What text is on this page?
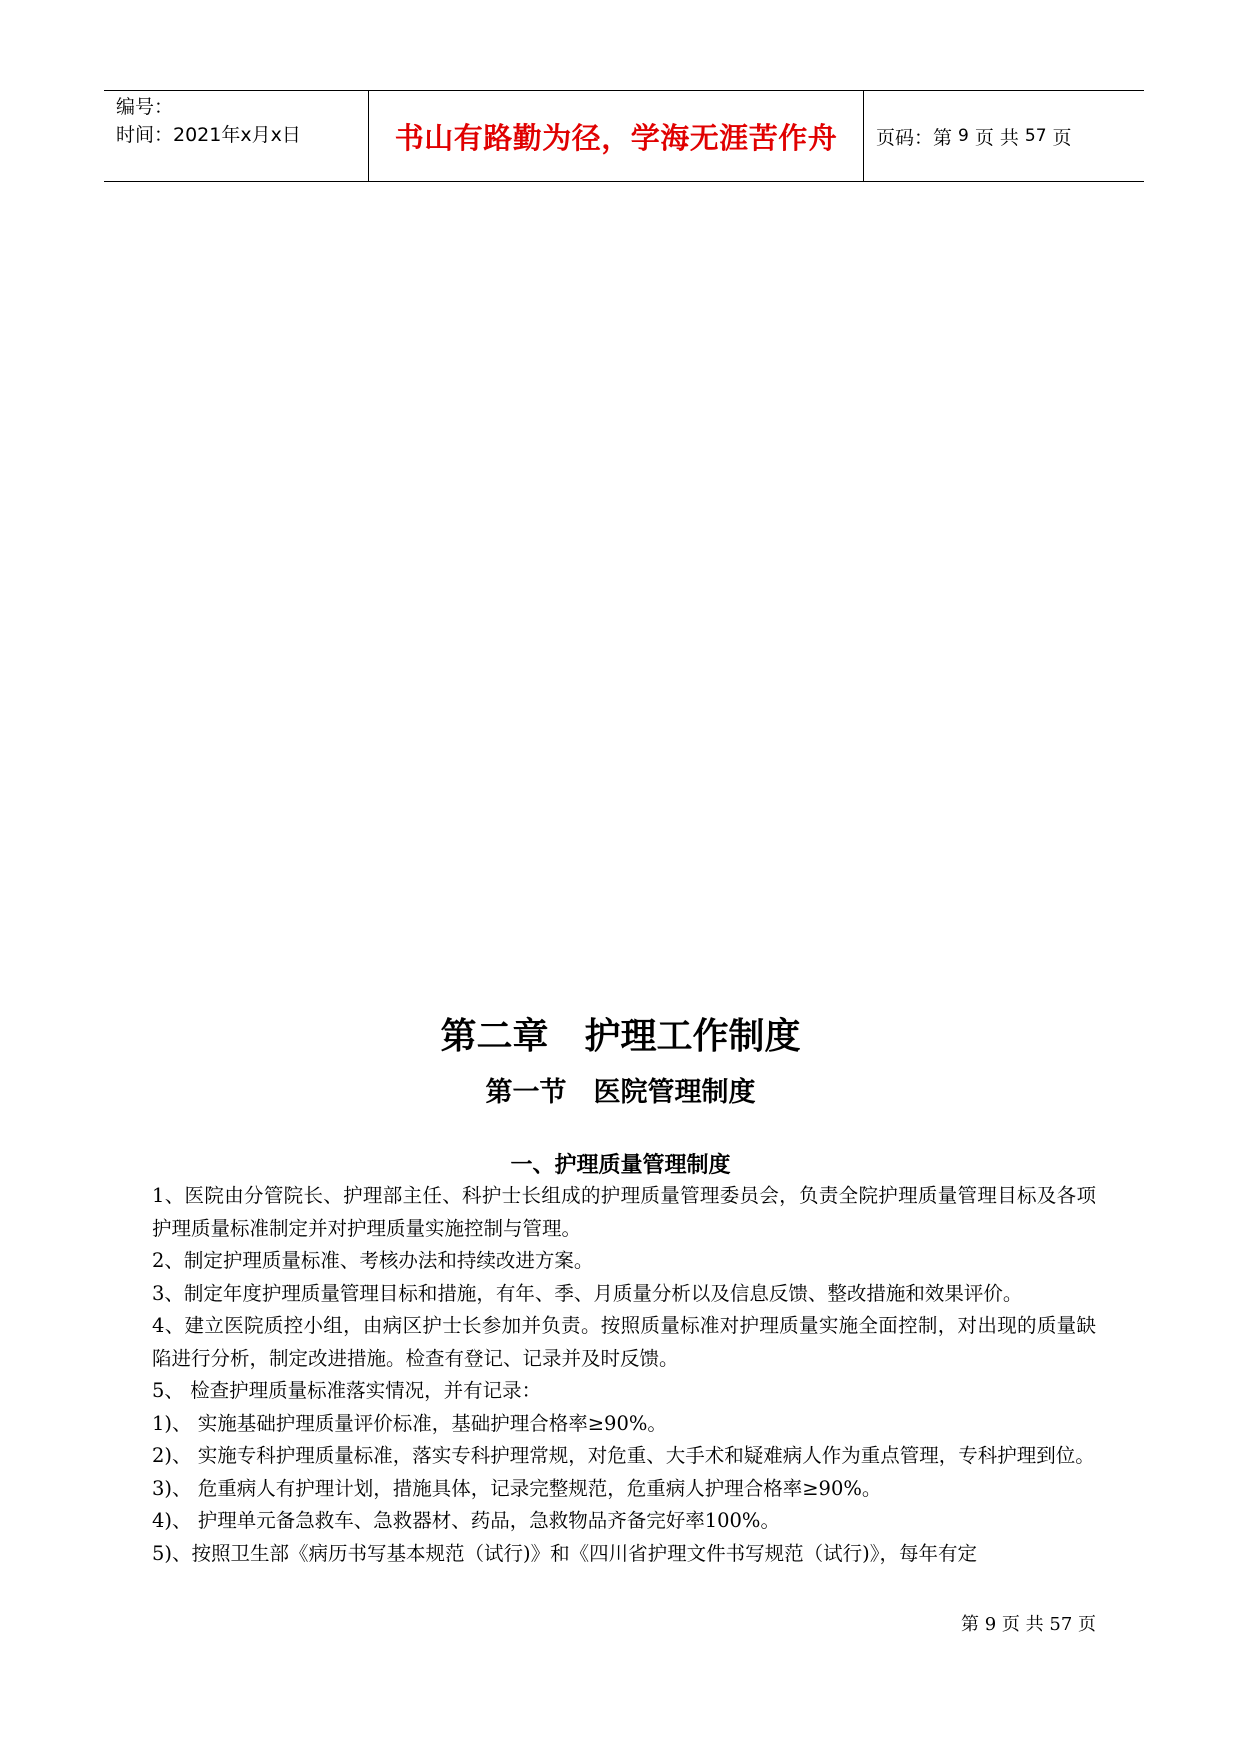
编号：
时间：2021年x月x日	书山有路勤为径，学海无涯苦作舟	页码：第 9 页 共 57 页
第二章　护理工作制度
第一节　医院管理制度
一、护理质量管理制度

1、医院由分管院长、护理部主任、科护士长组成的护理质量管理委员会，负责全院护理质量管理目标及各项护理质量标准制定并对护理质量实施控制与管理。

2、制定护理质量标准、考核办法和持续改进方案。

3、制定年度护理质量管理目标和措施，有年、季、月质量分析以及信息反馈、整改措施和效果评价。

4、建立医院质控小组，由病区护士长参加并负责。按照质量标准对护理质量实施全面控制，对出现的质量缺陷进行分析，制定改进措施。检查有登记、记录并及时反馈。

5、 检查护理质量标准落实情况，并有记录：

1)、 实施基础护理质量评价标准，基础护理合格率≥90%。

2)、 实施专科护理质量标准，落实专科护理常规，对危重、大手术和疑难病人作为重点管理，专科护理到位。

3)、 危重病人有护理计划，措施具体，记录完整规范，危重病人护理合格率≥90%。

4)、 护理单元备急救车、急救器材、药品，急救物品齐备完好率100%。

5)、按照卫生部《病历书写基本规范（试行)》和《四川省护理文件书写规范（试行)》，每年有定

第 9 页 共 57 页
